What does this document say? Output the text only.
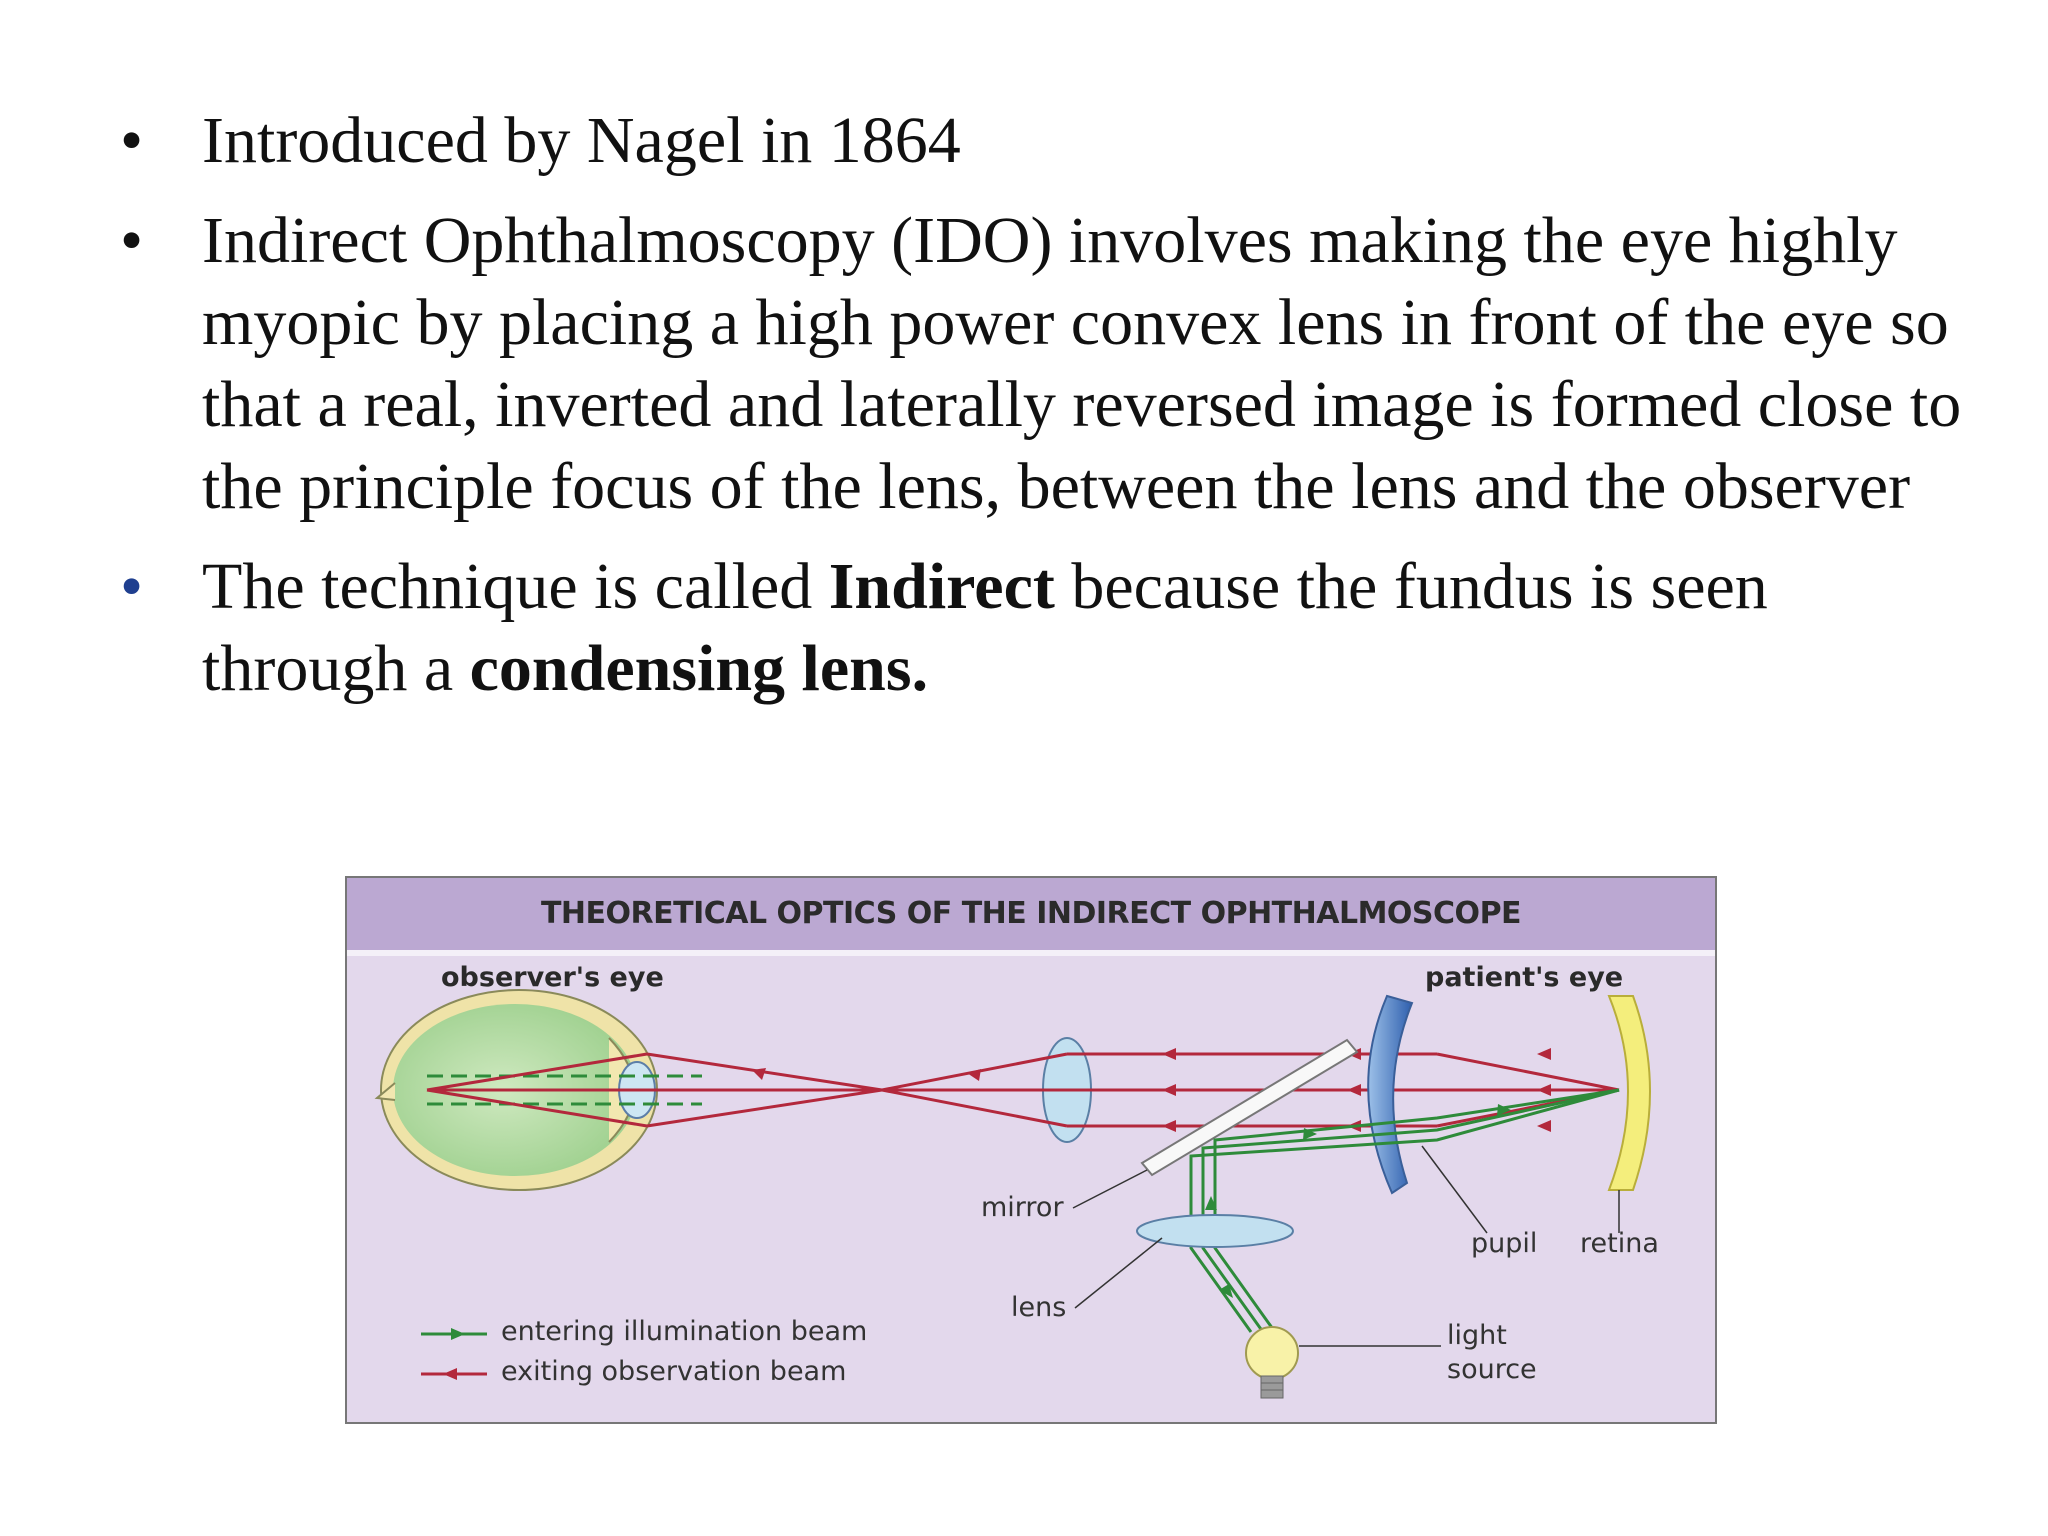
• Introduced by Nagel in 1864
• Indirect Ophthalmoscopy (IDO) involves making the eye highly myopic by placing a high power convex lens in front of the eye so that a real, inverted and laterally reversed image is formed close to the principle focus of the lens, between the lens and the observer
• The technique is called Indirect because the fundus is seen through a condensing lens.
THEORETICAL OPTICS OF THE INDIRECT OPHTHALMOSCOPE
observer's eye	patient's eye
mirror
lens
pupil retina
light
source
entering illumination beam
exiting observation beam
